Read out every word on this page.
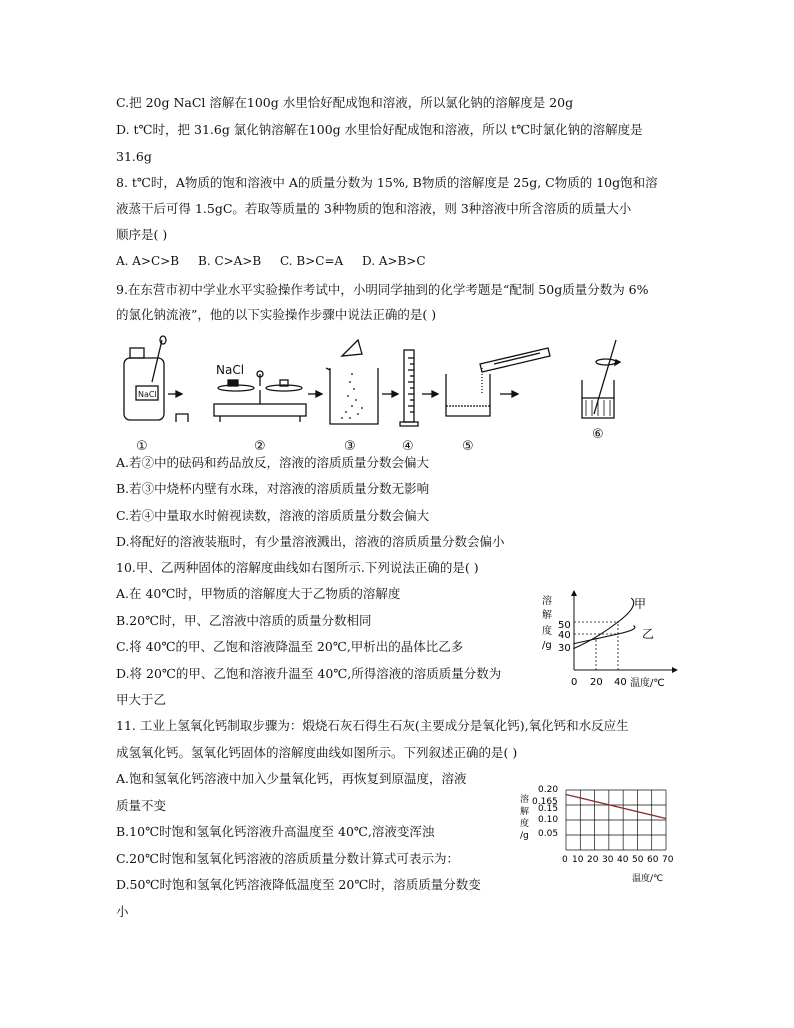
C.把 20g NaCl 溶解在100g 水里恰好配成饱和溶液，所以氯化钠的溶解度是 20g
D. t℃时，把 31.6g 氯化钠溶解在100g 水里恰好配成饱和溶液，所以 t℃时氯化钠的溶解度是
31.6g
8. t℃时，A物质的饱和溶液中 A的质量分数为 15%, B物质的溶解度是 25g, C物质的 10g饱和溶
液蒸干后可得 1.5gC。若取等质量的 3种物质的饱和溶液，则 3种溶液中所含溶质的质量大小
顺序是( )
A. A>C>B B. C>A>B C. B>C=A D. A>B>C
9.在东营市初中学业水平实验操作考试中，小明同学抽到的化学考题是“配制 50g质量分数为 6%
的氯化钠流液”，他的以下实验操作步骤中说法正确的是( )
NaCl
①
NaCl
②	③	④	⑤
⑥
A.若②中的砝码和药品放反，溶液的溶质质量分数会偏大
B.若③中烧杯内壁有水珠，对溶液的溶质质量分数无影响
C.若④中量取水时俯视读数，溶液的溶质质量分数会偏大
D.将配好的溶液装瓶时，有少量溶液溅出，溶液的溶质质量分数会偏小
10.甲、乙两种固体的溶解度曲线如右图所示.下列说法正确的是( )
A.在 40℃时，甲物质的溶解度大于乙物质的溶解度
B.20℃时，甲、乙溶液中溶质的质量分数相同
C.将 40℃的甲、乙饱和溶液降温至 20℃,甲析出的晶体比乙多
D.将 20℃的甲、乙饱和溶液升温至 40℃,所得溶液的溶质质量分数为
甲大于乙
溶
解
度
/g
50
40
30
0 20 40 温度/℃
甲
乙
11. 工业上氢氧化钙制取步骤为：煅烧石灰石得生石灰(主要成分是氧化钙),氧化钙和水反应生
成氢氧化钙。氢氧化钙固体的溶解度曲线如图所示。下列叙述正确的是( )
A.饱和氢氧化钙溶液中加入少量氧化钙，再恢复到原温度，溶液
质量不变
B.10℃时饱和氢氧化钙溶液升高温度至 40℃,溶液变浑浊
C.20℃时饱和氢氧化钙溶液的溶质质量分数计算式可表示为：
D.50℃时饱和氢氧化钙溶液降低温度至 20℃时，溶质质量分数变
小
溶
解
度
/g
0.20
0.165
0.15
0.10
0.05
0 10 20 30 40 50 60 70
温度/℃
